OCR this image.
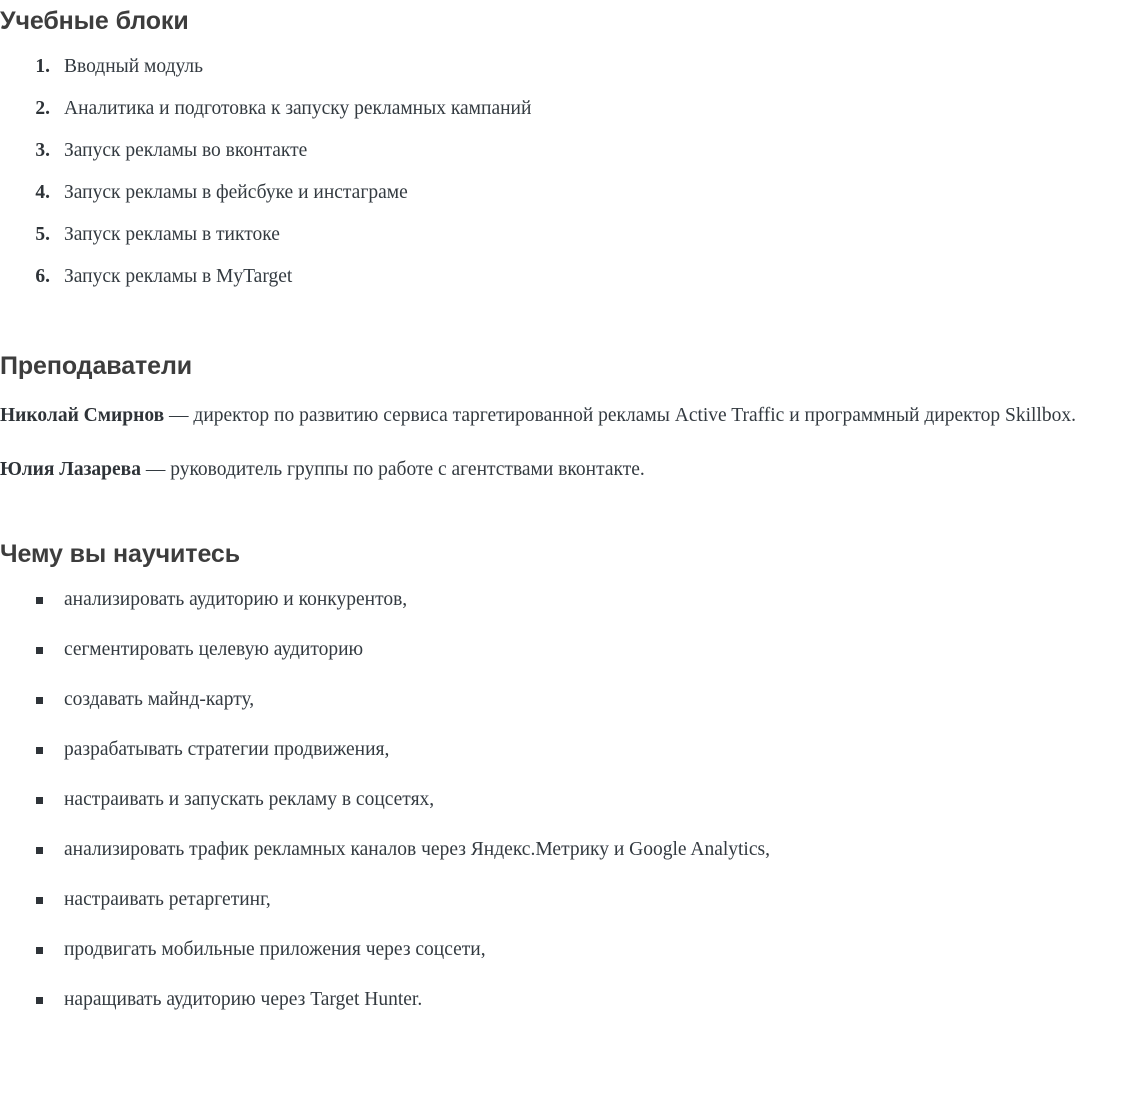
Учебные блоки
1. Вводный модуль
2. Аналитика и подготовка к запуску рекламных кампаний
3. Запуск рекламы во вконтакте
4. Запуск рекламы в фейсбуке и инстаграме
5. Запуск рекламы в тиктоке
6. Запуск рекламы в MyTarget
Преподаватели

Николай Смирнов — директор по развитию сервиса таргетированной рекламы Active Traffic и программный директор Skillbox.

Юлия Лазарева — руководитель группы по работе с агентствами вконтакте.

Чему вы научитесь
анализировать аудиторию и конкурентов,
сегментировать целевую аудиторию
создавать майнд-карту,
разрабатывать стратегии продвижения,
настраивать и запускать рекламу в соцсетях,
анализировать трафик рекламных каналов через Яндекс.Метрику и Google Analytics,
настраивать ретаргетинг,
продвигать мобильные приложения через соцсети,
наращивать аудиторию через Target Hunter.
